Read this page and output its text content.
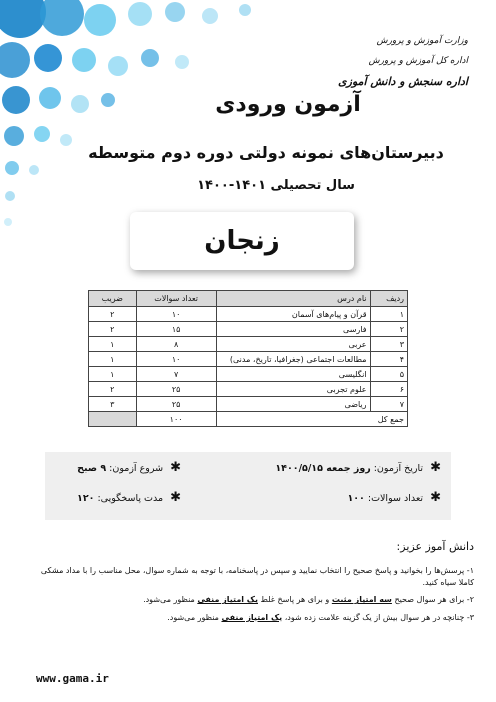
وزارت آموزش و پرورش
اداره کل آموزش و پرورش
اداره سنجش و دانش آموزی
آزمون ورودی
دبیرستان‌های نمونه دولتی دوره دوم متوسطه
سال تحصیلی ۱۴۰۱-۱۴۰۰
زنجان
ردیف	نام درس	تعداد سوالات	ضریب
۱	قرآن و پیام‌های آسمان	۱۰	۲
۲	فارسی	۱۵	۲
۳	عربی	۸	۱
۴	مطالعات اجتماعی (جغرافیا، تاریخ، مدنی)	۱۰	۱
۵	انگلیسی	۷	۱
۶	علوم تجربی	۲۵	۲
۷	ریاضی	۲۵	۳
جمع کل		۱۰۰	
✱ تاریخ آزمون: روز جمعه ۱۴۰۰/۵/۱۵
✱ شروع آزمون: ۹ صبح
✱ تعداد سوالات: ۱۰۰
✱ مدت پاسخگویی: ۱۲۰
دانش آموز عزیز:

۱- پرسش‌ها را بخوانید و پاسخ صحیح را انتخاب نمایید و سپس در پاسخنامه، با توجه به شماره سوال، محل مناسب را با مداد مشکی کاملا سیاه کنید.

۲- برای هر سوال صحیح سه امتیاز مثبت و برای هر پاسخ غلط یک امتیاز منفی منظور می‌شود.

۳- چنانچه در هر سوال بیش از یک گزینه علامت زده شود، یک امتیاز منفی منظور می‌شود.

www.gama.ir
